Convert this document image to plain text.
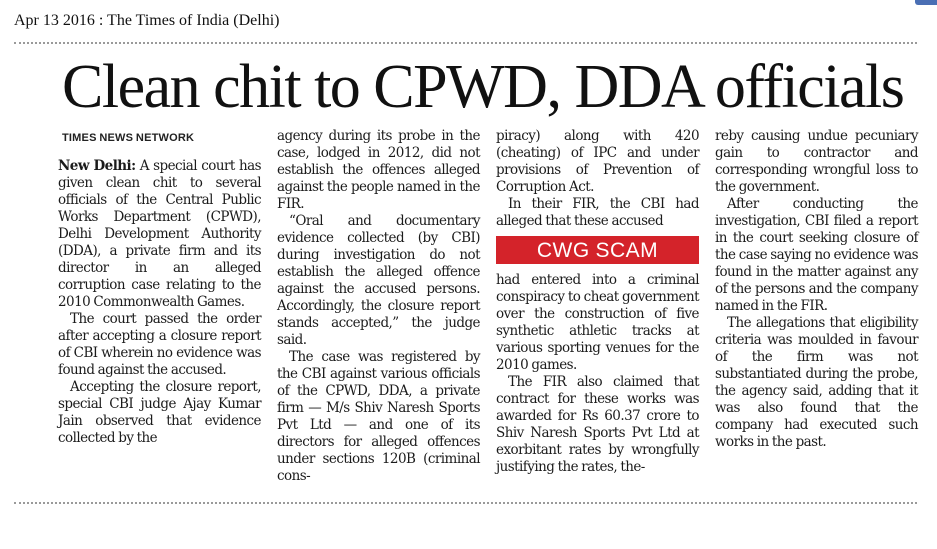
Apr 13 2016 : The Times of India (Delhi)
Clean chit to CPWD, DDA officials
TIMES NEWS NETWORK

New Delhi: A special court has given clean chit to several officials of the Central Public Works Department (CPWD), Delhi Development Authority (DDA), a private firm and its director in an alleged corruption case relating to the 2010 Commonwealth Games.

The court passed the order after accepting a closure report of CBI wherein no evidence was found against the accused.

Accepting the closure report, special CBI judge Ajay Kumar Jain observed that evidence collected by the

agency during its probe in the case, lodged in 2012, did not establish the offences alleged against the people named in the FIR.

“Oral and documentary evidence collected (by CBI) during investigation do not establish the alleged offence against the accused persons. Accordingly, the closure report stands accepted,” the judge said.

The case was registered by the CBI against various officials of the CPWD, DDA, a private firm — M/s Shiv Naresh Sports Pvt Ltd — and one of its directors for alleged offences under sections 120B (criminal cons-

piracy) along with 420 (cheating) of IPC and under provisions of Prevention of Corruption Act.

In their FIR, the CBI had alleged that these accused

CWG SCAM

had entered into a criminal conspiracy to cheat government over the construction of five synthetic athletic tracks at various sporting venues for the 2010 games.

The FIR also claimed that contract for these works was awarded for Rs 60.37 crore to Shiv Naresh Sports Pvt Ltd at exorbitant rates by wrongfully justifying the rates, the-

reby causing undue pecuniary gain to contractor and corresponding wrongful loss to the government.

After conducting the investigation, CBI filed a report in the court seeking closure of the case saying no evidence was found in the matter against any of the persons and the company named in the FIR.

The allegations that eligibility criteria was moulded in favour of the firm was not substantiated during the probe, the agency said, adding that it was also found that the company had executed such works in the past.
